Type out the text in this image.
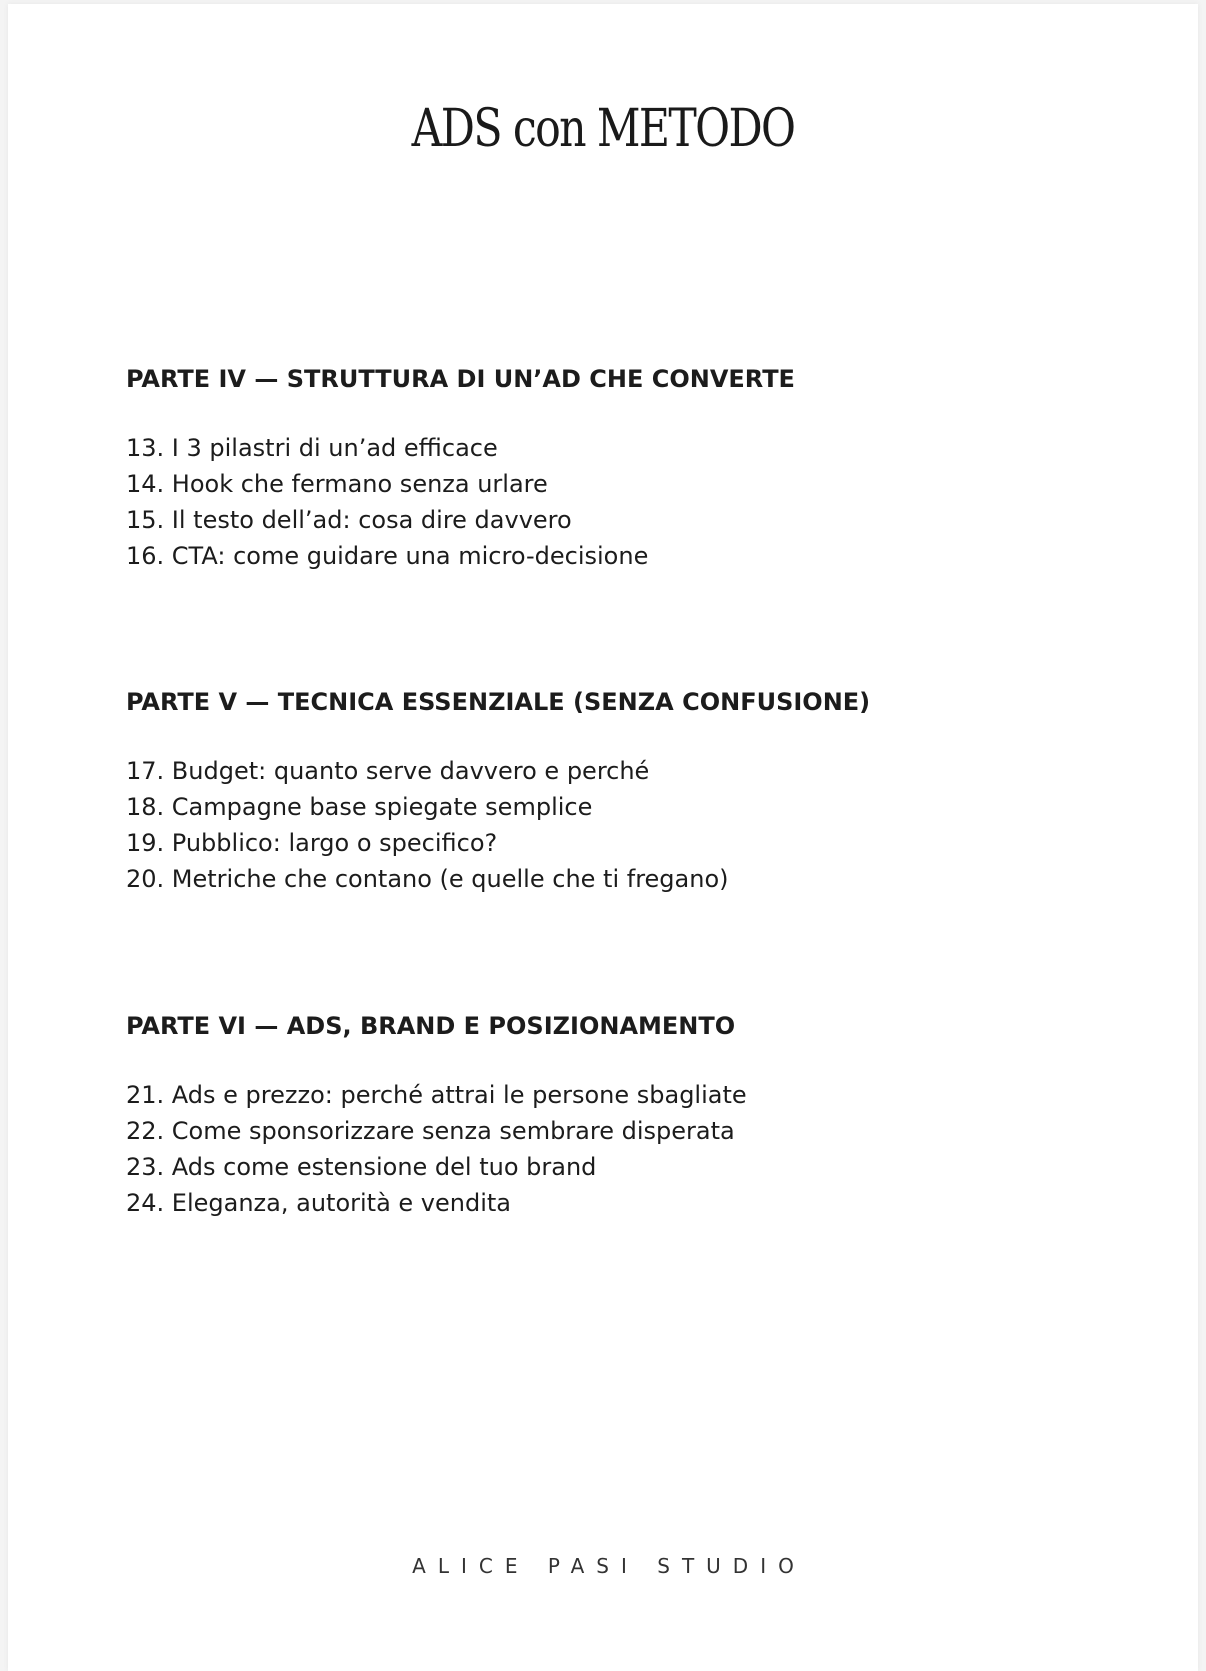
ADS con METODO
PARTE IV — STRUTTURA DI UN’AD CHE CONVERTE
13. I 3 pilastri di un’ad efficace
14. Hook che fermano senza urlare
15. Il testo dell’ad: cosa dire davvero
16. CTA: come guidare una micro-decisione
PARTE V — TECNICA ESSENZIALE (SENZA CONFUSIONE)
17. Budget: quanto serve davvero e perché
18. Campagne base spiegate semplice
19. Pubblico: largo o specifico?
20. Metriche che contano (e quelle che ti fregano)
PARTE VI — ADS, BRAND E POSIZIONAMENTO
21. Ads e prezzo: perché attrai le persone sbagliate
22. Come sponsorizzare senza sembrare disperata
23. Ads come estensione del tuo brand
24. Eleganza, autorità e vendita

ALICE PASI STUDIO
